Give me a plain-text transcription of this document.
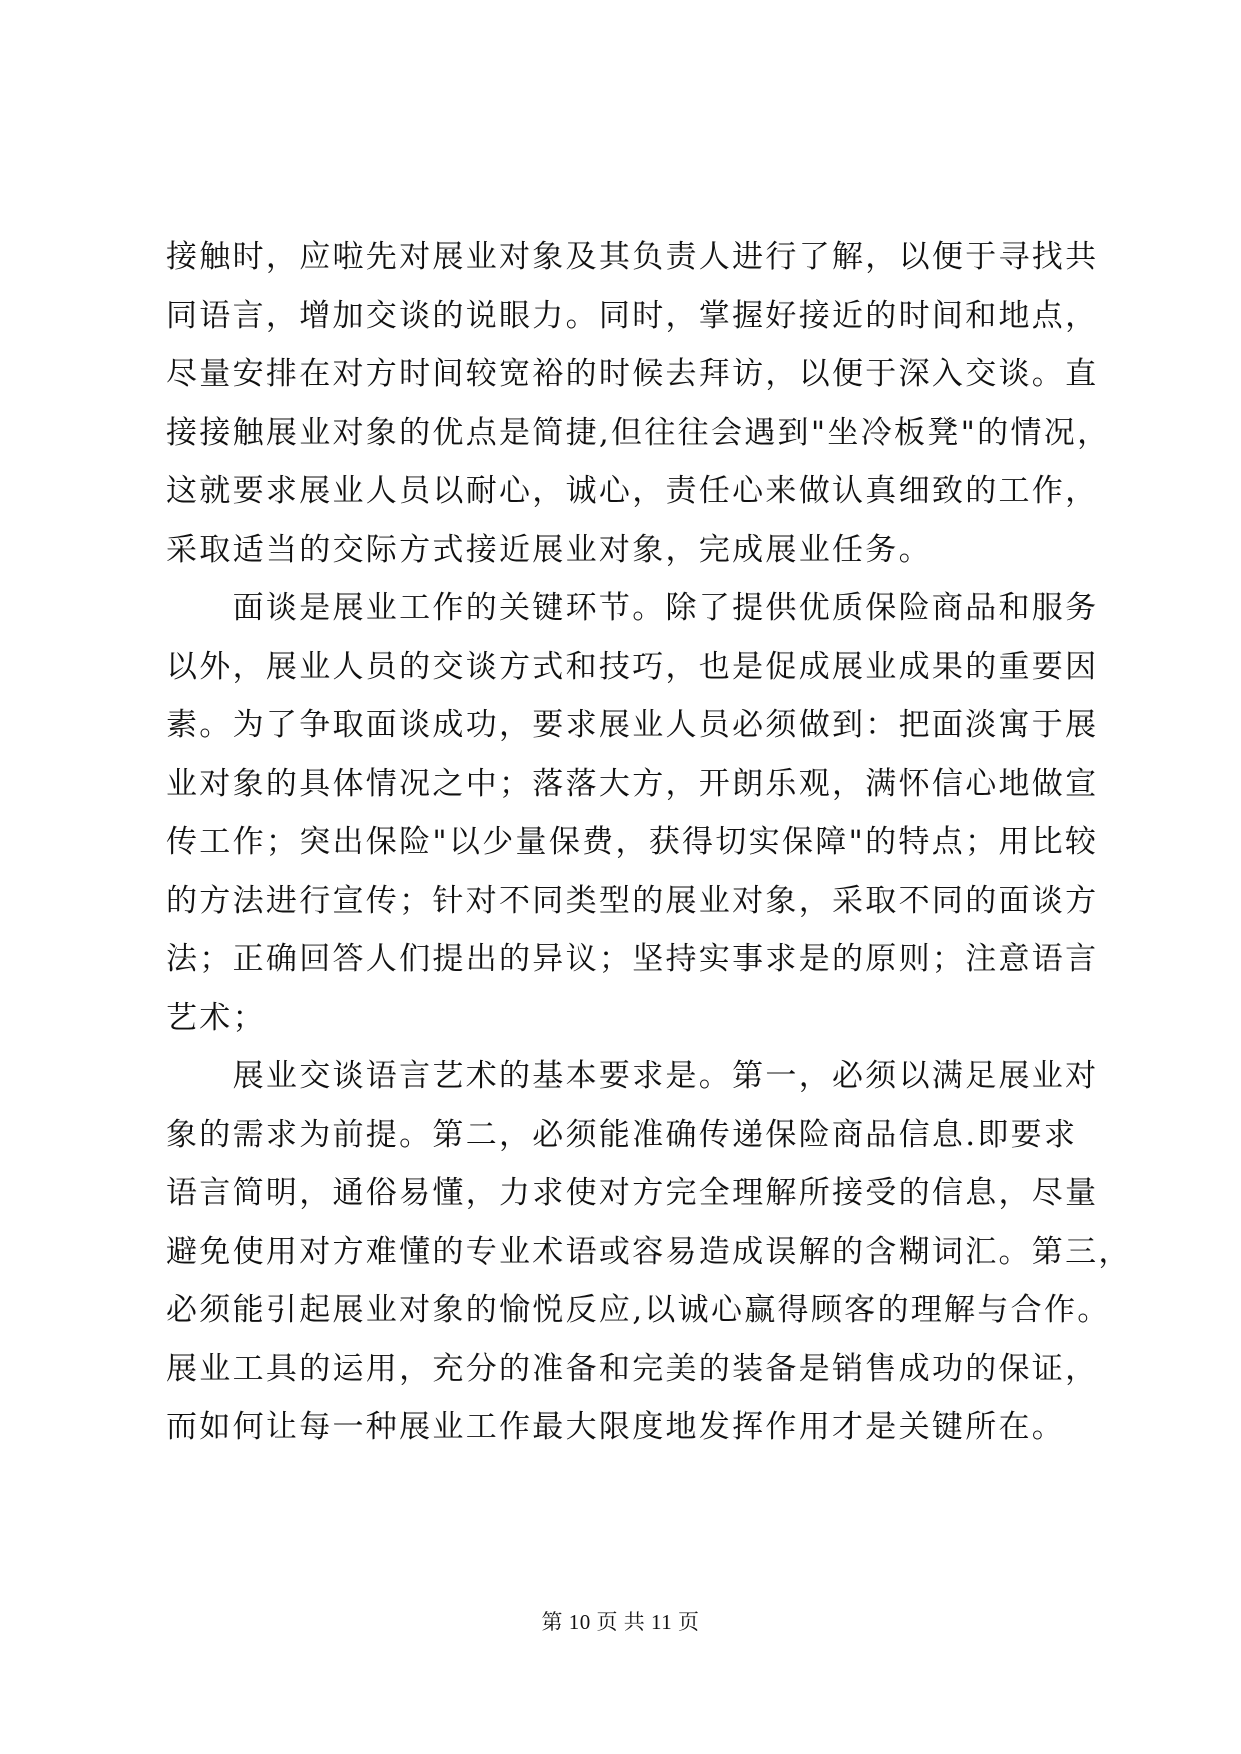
接触时，应啦先对展业对象及其负责人进行了解，以便于寻找共
同语言，增加交谈的说眼力。同时，掌握好接近的时间和地点，
尽量安排在对方时间较宽裕的时候去拜访，以便于深入交谈。直
接接触展业对象的优点是简捷,但往往会遇到"坐冷板凳"的情况，
这就要求展业人员以耐心，诚心，责任心来做认真细致的工作，
采取适当的交际方式接近展业对象，完成展业任务。
　　面谈是展业工作的关键环节。除了提供优质保险商品和服务
以外，展业人员的交谈方式和技巧，也是促成展业成果的重要因
素。为了争取面谈成功，要求展业人员必须做到：把面淡寓于展
业对象的具体情况之中；落落大方，开朗乐观，满怀信心地做宣
传工作；突出保险"以少量保费，获得切实保障"的特点；用比较
的方法进行宣传；针对不同类型的展业对象，采取不同的面谈方
法；正确回答人们提出的异议；坚持实事求是的原则；注意语言
艺术；
　　展业交谈语言艺术的基本要求是。第一，必须以满足展业对
象的需求为前提。第二，必须能准确传递保险商品信息.即要求
语言简明，通俗易懂，力求使对方完全理解所接受的信息，尽量
避免使用对方难懂的专业术语或容易造成误解的含糊词汇。第三，
必须能引起展业对象的愉悦反应,以诚心赢得顾客的理解与合作。
展业工具的运用，充分的准备和完美的装备是销售成功的保证，
而如何让每一种展业工作最大限度地发挥作用才是关键所在。
第 10 页 共 11 页
